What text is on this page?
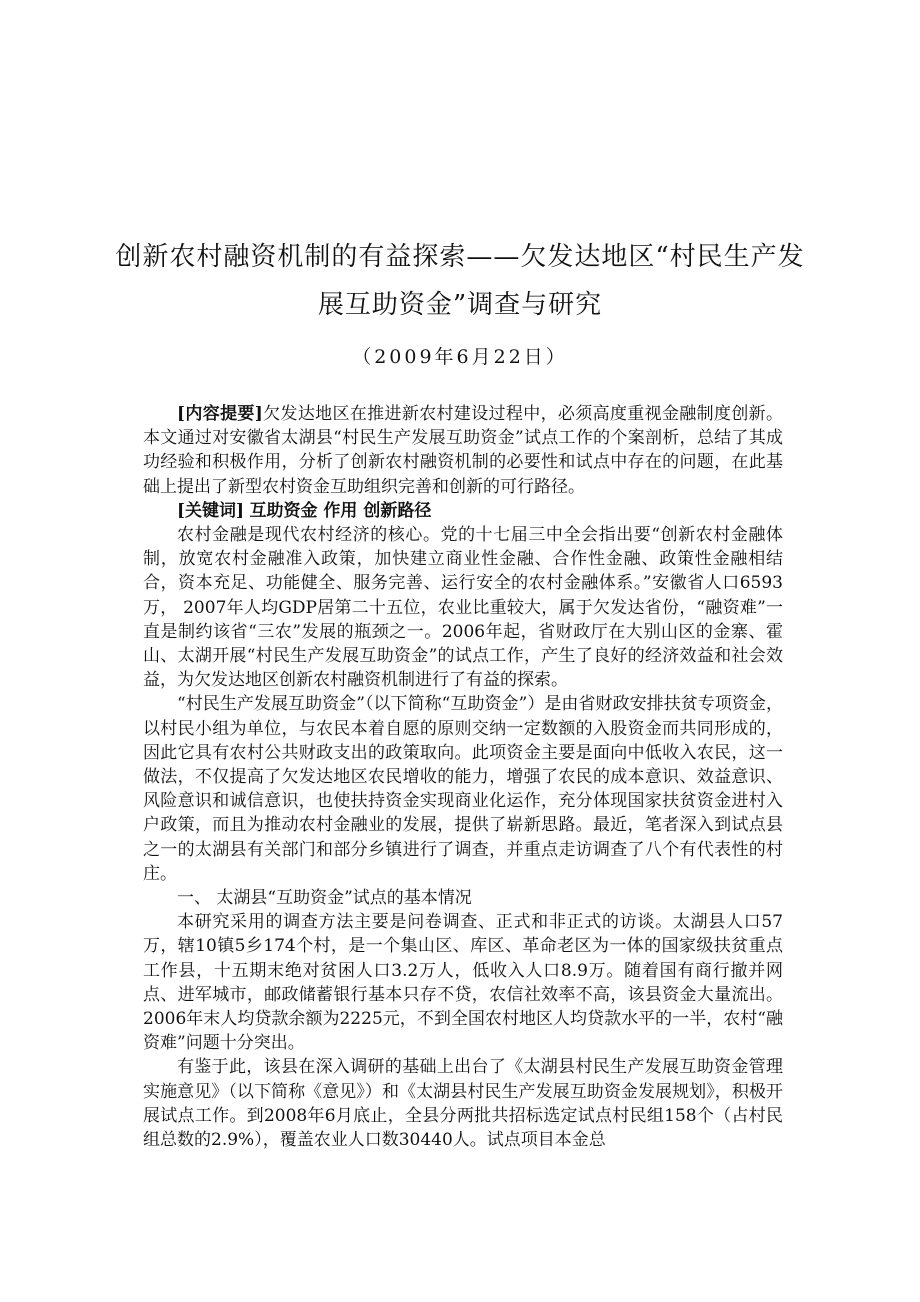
创新农村融资机制的有益探索——欠发达地区“村民生产发
展互助资金”调查与研究
（2009年6月22日）

[内容提要]欠发达地区在推进新农村建设过程中，必须高度重视金融制度创新。本文通过对安徽省太湖县“村民生产发展互助资金”试点工作的个案剖析，总结了其成功经验和积极作用，分析了创新农村融资机制的必要性和试点中存在的问题，在此基础上提出了新型农村资金互助组织完善和创新的可行路径。

[关键词] 互助资金 作用 创新路径

农村金融是现代农村经济的核心。党的十七届三中全会指出要“创新农村金融体制，放宽农村金融准入政策，加快建立商业性金融、合作性金融、政策性金融相结合，资本充足、功能健全、服务完善、运行安全的农村金融体系。”安徽省人口6593万， 2007年人均GDP居第二十五位，农业比重较大，属于欠发达省份，“融资难”一直是制约该省“三农”发展的瓶颈之一。2006年起，省财政厅在大别山区的金寨、霍山、太湖开展“村民生产发展互助资金”的试点工作，产生了良好的经济效益和社会效益，为欠发达地区创新农村融资机制进行了有益的探索。

“村民生产发展互助资金”（以下简称“互助资金”）是由省财政安排扶贫专项资金，以村民小组为单位，与农民本着自愿的原则交纳一定数额的入股资金而共同形成的，因此它具有农村公共财政支出的政策取向。此项资金主要是面向中低收入农民，这一做法，不仅提高了欠发达地区农民增收的能力，增强了农民的成本意识、效益意识、风险意识和诚信意识，也使扶持资金实现商业化运作，充分体现国家扶贫资金进村入户政策，而且为推动农村金融业的发展，提供了崭新思路。最近，笔者深入到试点县之一的太湖县有关部门和部分乡镇进行了调查，并重点走访调查了八个有代表性的村庄。

一、 太湖县“互助资金”试点的基本情况

本研究采用的调查方法主要是问卷调查、正式和非正式的访谈。太湖县人口57万，辖10镇5乡174个村，是一个集山区、库区、革命老区为一体的国家级扶贫重点工作县，十五期末绝对贫困人口3.2万人，低收入人口8.9万。随着国有商行撤并网点、进军城市，邮政储蓄银行基本只存不贷，农信社效率不高，该县资金大量流出。2006年末人均贷款余额为2225元，不到全国农村地区人均贷款水平的一半，农村“融资难”问题十分突出。

有鉴于此，该县在深入调研的基础上出台了《太湖县村民生产发展互助资金管理实施意见》（以下简称《意见》）和《太湖县村民生产发展互助资金发展规划》，积极开展试点工作。到2008年6月底止，全县分两批共招标选定试点村民组158个（占村民组总数的2.9%），覆盖农业人口数30440人。试点项目本金总
